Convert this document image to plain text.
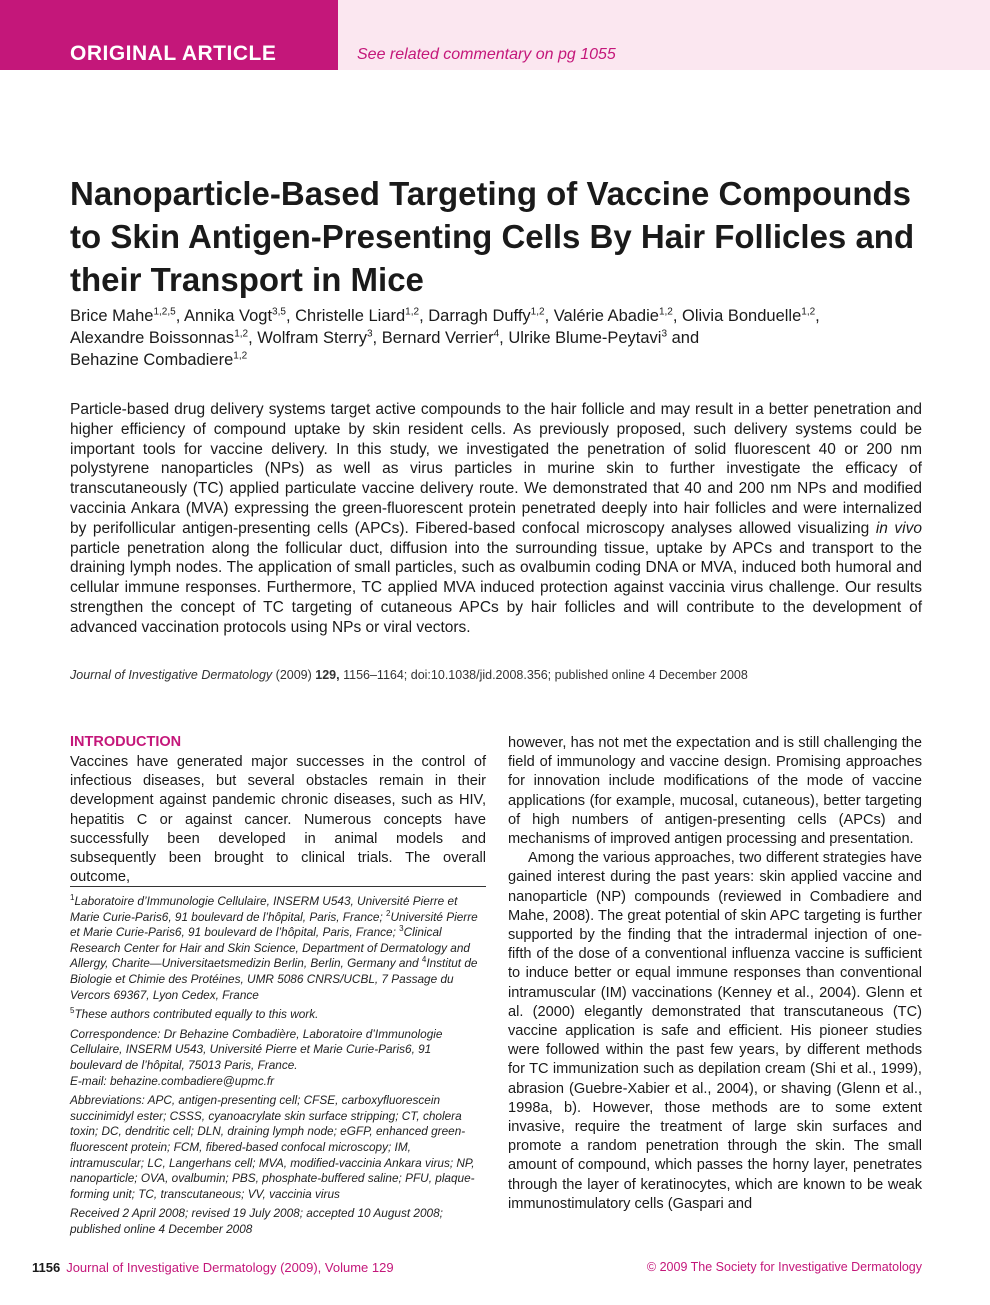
ORIGINAL ARTICLE	See related commentary on pg 1055
Nanoparticle-Based Targeting of Vaccine Compounds to Skin Antigen-Presenting Cells By Hair Follicles and their Transport in Mice
Brice Mahe$^{1,2,5}$, Annika Vogt$^{3,5}$, Christelle Liard$^{1,2}$, Darragh Duffy$^{1,2}$, Valérie Abadie$^{1,2}$, Olivia Bonduelle$^{1,2}$,
Alexandre Boissonnas$^{1,2}$, Wolfram Sterry$^3$, Bernard Verrier$^4$, Ulrike Blume-Peytavi$^3$ and
Behazine Combadiere$^{1,2}$
Particle-based drug delivery systems target active compounds to the hair follicle and may result in a better penetration and higher efficiency of compound uptake by skin resident cells. As previously proposed, such delivery systems could be important tools for vaccine delivery. In this study, we investigated the penetration of solid fluorescent 40 or 200 nm polystyrene nanoparticles (NPs) as well as virus particles in murine skin to further investigate the efficacy of transcutaneously (TC) applied particulate vaccine delivery route. We demonstrated that 40 and 200 nm NPs and modified vaccinia Ankara (MVA) expressing the green-fluorescent protein penetrated deeply into hair follicles and were internalized by perifollicular antigen-presenting cells (APCs). Fibered-based confocal microscopy analyses allowed visualizing in vivo particle penetration along the follicular duct, diffusion into the surrounding tissue, uptake by APCs and transport to the draining lymph nodes. The application of small particles, such as ovalbumin coding DNA or MVA, induced both humoral and cellular immune responses. Furthermore, TC applied MVA induced protection against vaccinia virus challenge. Our results strengthen the concept of TC targeting of cutaneous APCs by hair follicles and will contribute to the development of advanced vaccination protocols using NPs or viral vectors.
Journal of Investigative Dermatology (2009) 129, 1156–1164; doi:10.1038/jid.2008.356; published online 4 December 2008
INTRODUCTION
Vaccines have generated major successes in the control of infectious diseases, but several obstacles remain in their development against pandemic chronic diseases, such as HIV, hepatitis C or against cancer. Numerous concepts have successfully been developed in animal models and subsequently been brought to clinical trials. The overall outcome,

$^1$Laboratoire d’Immunologie Cellulaire, INSERM U543, Université Pierre et Marie Curie-Paris6, 91 boulevard de l’hôpital, Paris, France; $^2$Université Pierre et Marie Curie-Paris6, 91 boulevard de l’hôpital, Paris, France; $^3$Clinical Research Center for Hair and Skin Science, Department of Dermatology and Allergy, Charite—Universitaetsmedizin Berlin, Berlin, Germany and $^4$Institut de Biologie et Chimie des Protéines, UMR 5086 CNRS/UCBL, 7 Passage du Vercors 69367, Lyon Cedex, France

$^5$These authors contributed equally to this work.

Correspondence: Dr Behazine Combadière, Laboratoire d’Immunologie Cellulaire, INSERM U543, Université Pierre et Marie Curie-Paris6, 91 boulevard de l’hôpital, 75013 Paris, France.
E-mail: behazine.combadiere@upmc.fr

Abbreviations: APC, antigen-presenting cell; CFSE, carboxyfluorescein succinimidyl ester; CSSS, cyanoacrylate skin surface stripping; CT, cholera toxin; DC, dendritic cell; DLN, draining lymph node; eGFP, enhanced green-fluorescent protein; FCM, fibered-based confocal microscopy; IM, intramuscular; LC, Langerhans cell; MVA, modified-vaccinia Ankara virus; NP, nanoparticle; OVA, ovalbumin; PBS, phosphate-buffered saline; PFU, plaque-forming unit; TC, transcutaneous; VV, vaccinia virus

Received 2 April 2008; revised 19 July 2008; accepted 10 August 2008; published online 4 December 2008

however, has not met the expectation and is still challenging the field of immunology and vaccine design. Promising approaches for innovation include modifications of the mode of vaccine applications (for example, mucosal, cutaneous), better targeting of high numbers of antigen-presenting cells (APCs) and mechanisms of improved antigen processing and presentation.

Among the various approaches, two different strategies have gained interest during the past years: skin applied vaccine and nanoparticle (NP) compounds (reviewed in Combadiere and Mahe, 2008). The great potential of skin APC targeting is further supported by the finding that the intradermal injection of one-fifth of the dose of a conventional influenza vaccine is sufficient to induce better or equal immune responses than conventional intramuscular (IM) vaccinations (Kenney et al., 2004). Glenn et al. (2000) elegantly demonstrated that transcutaneous (TC) vaccine application is safe and efficient. His pioneer studies were followed within the past few years, by different methods for TC immunization such as depilation cream (Shi et al., 1999), abrasion (Guebre-Xabier et al., 2004), or shaving (Glenn et al., 1998a, b). However, those methods are to some extent invasive, require the treatment of large skin surfaces and promote a random penetration through the skin. The small amount of compound, which passes the horny layer, penetrates through the layer of keratinocytes, which are known to be weak immunostimulatory cells (Gaspari and

1156 Journal of Investigative Dermatology (2009), Volume 129	© 2009 The Society for Investigative Dermatology
